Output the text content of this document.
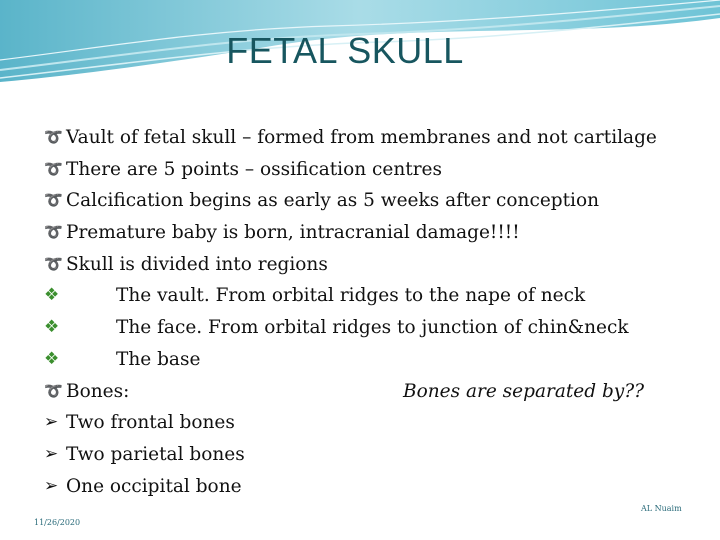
FETAL SKULL
➰ Vault of fetal skull – formed from membranes and not cartilage
➰ There are 5 points – ossification centres
➰ Calcification begins as early as 5 weeks after conception
➰ Premature baby is born, intracranial damage!!!!
➰ Skull is divided into regions
❖	The vault. From orbital ridges to the nape of neck
❖	The face. From orbital ridges to junction of chin&neck
❖	The base
➰ Bones:	Bones are separated by??
➢ Two frontal bones
➢ Two parietal bones
➢ One occipital bone
AL Nuaim
11/26/2020
